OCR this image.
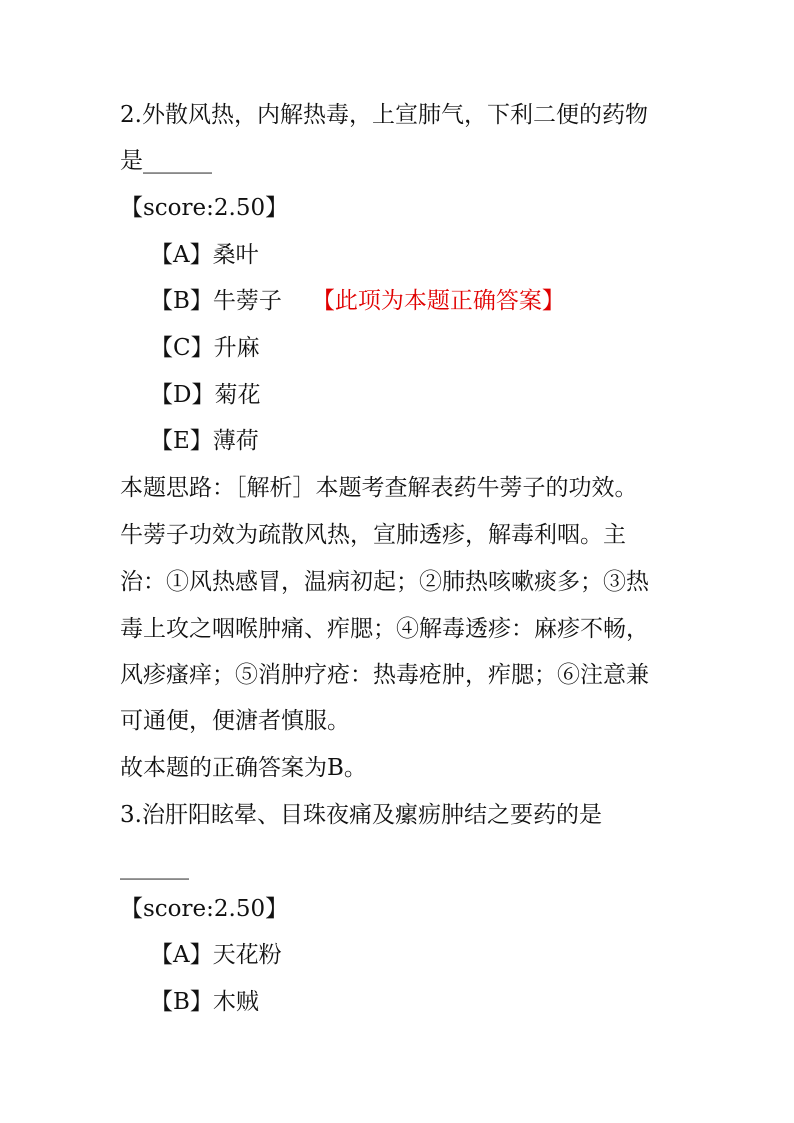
2.外散风热，内解热毒，上宣肺气，下利二便的药物
是______
【score:2.50】
【A】桑叶
【B】牛蒡子 【此项为本题正确答案】
【C】升麻
【D】菊花
【E】薄荷
本题思路：［解析］本题考查解表药牛蒡子的功效。
牛蒡子功效为疏散风热，宣肺透疹，解毒利咽。主
治：①风热感冒，温病初起；②肺热咳嗽痰多；③热
毒上攻之咽喉肿痛、痄腮；④解毒透疹：麻疹不畅，
风疹瘙痒；⑤消肿疗疮：热毒疮肿，痄腮；⑥注意兼
可通便，便溏者慎服。
故本题的正确答案为B。
3.治肝阳眩晕、目珠夜痛及瘰疬肿结之要药的是
______
【score:2.50】
【A】天花粉
【B】木贼
